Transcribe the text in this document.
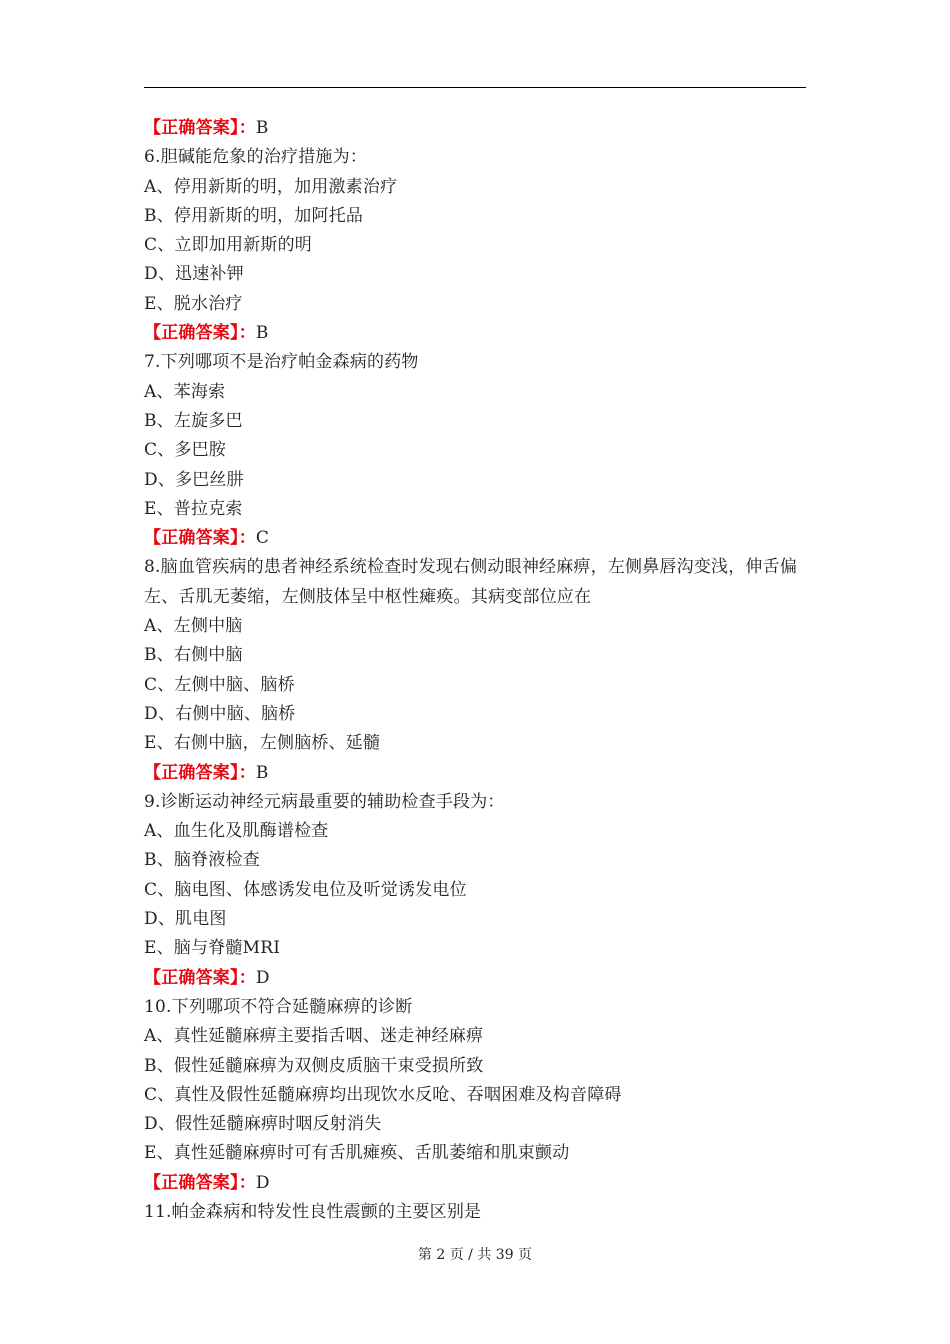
【正确答案】：B
6.胆碱能危象的治疗措施为：
A、停用新斯的明，加用激素治疗
B、停用新斯的明，加阿托品
C、立即加用新斯的明
D、迅速补钾
E、脱水治疗
【正确答案】：B
7.下列哪项不是治疗帕金森病的药物
A、苯海索
B、左旋多巴
C、多巴胺
D、多巴丝肼
E、普拉克索
【正确答案】：C
8.脑血管疾病的患者神经系统检查时发现右侧动眼神经麻痹，左侧鼻唇沟变浅，伸舌偏左、舌肌无萎缩，左侧肢体呈中枢性瘫痪。其病变部位应在
A、左侧中脑
B、右侧中脑
C、左侧中脑、脑桥
D、右侧中脑、脑桥
E、右侧中脑，左侧脑桥、延髓
【正确答案】：B
9.诊断运动神经元病最重要的辅助检查手段为：
A、血生化及肌酶谱检查
B、脑脊液检查
C、脑电图、体感诱发电位及听觉诱发电位
D、肌电图
E、脑与脊髓MRI
【正确答案】：D
10.下列哪项不符合延髓麻痹的诊断
A、真性延髓麻痹主要指舌咽、迷走神经麻痹
B、假性延髓麻痹为双侧皮质脑干束受损所致
C、真性及假性延髓麻痹均出现饮水反呛、吞咽困难及构音障碍
D、假性延髓麻痹时咽反射消失
E、真性延髓麻痹时可有舌肌瘫痪、舌肌萎缩和肌束颤动
【正确答案】：D
11.帕金森病和特发性良性震颤的主要区别是
第 2 页 / 共 39 页
